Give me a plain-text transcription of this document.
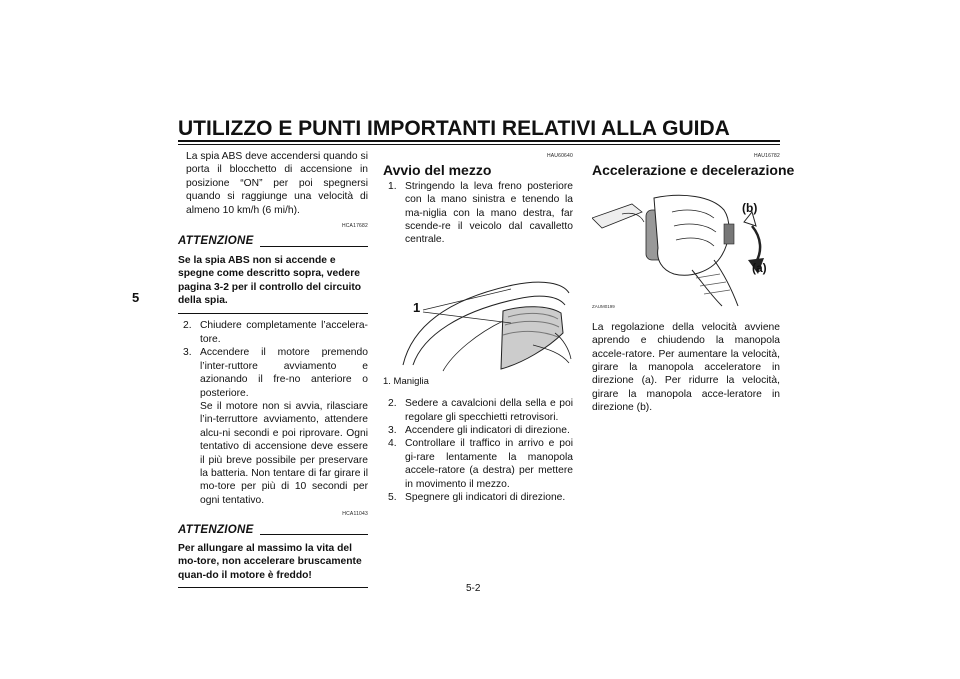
UTILIZZO E PUNTI IMPORTANTI RELATIVI ALLA GUIDA
5
La spia ABS deve accendersi quando si porta il blocchetto di accensione in posizione “ON” per poi spegnersi quando si raggiunge una velocità di almeno 10 km/h (6 mi/h).
HCA17682
ATTENZIONE
Se la spia ABS non si accende e spegne come descritto sopra, vedere pagina 3-2 per il controllo del circuito della spia.
2. Chiudere completamente l’accelera-tore.
3. Accendere il motore premendo l’inter-ruttore avviamento e azionando il fre-no anteriore o posteriore.
Se il motore non si avvia, rilasciare l’in-terruttore avviamento, attendere alcu-ni secondi e poi riprovare. Ogni tentativo di accensione deve essere il più breve possibile per preservare la batteria. Non tentare di far girare il mo-tore per più di 10 secondi per ogni tentativo.
HCA11043
ATTENZIONE
Per allungare al massimo la vita del mo-tore, non accelerare bruscamente quan-do il motore è freddo!
HAU60640
Avvio del mezzo
1. Stringendo la leva freno posteriore con la mano sinistra e tenendo la ma-niglia con la mano destra, far scende-re il veicolo dal cavalletto centrale.
1
1. Maniglia
2. Sedere a cavalcioni della sella e poi regolare gli specchietti retrovisori.
3. Accendere gli indicatori di direzione.
4. Controllare il traffico in arrivo e poi gi-rare lentamente la manopola accele-ratore (a destra) per mettere in movimento il mezzo.
5. Spegnere gli indicatori di direzione.
HAU16782
Accelerazione e decelerazione
(b)
(a)
ZAUM0199
La regolazione della velocità avviene aprendo e chiudendo la manopola accele-ratore. Per aumentare la velocità, girare la manopola acceleratore in direzione (a). Per ridurre la velocità, girare la manopola acce-leratore in direzione (b).
5-2
